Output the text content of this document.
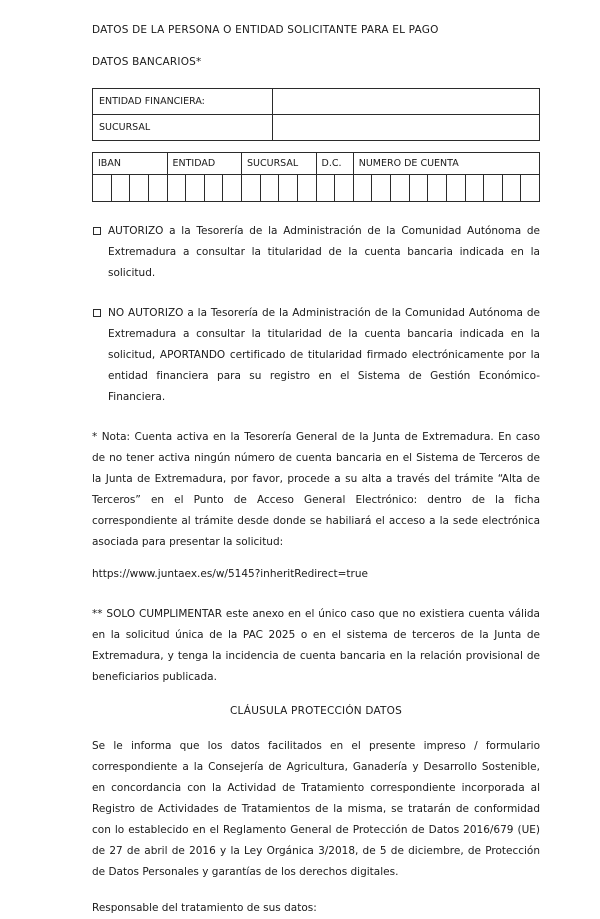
DATOS DE LA PERSONA O ENTIDAD SOLICITANTE PARA EL PAGO
DATOS BANCARIOS*
ENTIDAD FINANCIERA:	
SUCURSAL	
IBAN				ENTIDAD				SUCURSAL				D.C.		NUMERO DE CUENTA									

AUTORIZO a la Tesorería de la Administración de la Comunidad Autónoma de Extremadura a consultar la titularidad de la cuenta bancaria indicada en la solicitud.
NO AUTORIZO a la Tesorería de la Administración de la Comunidad Autónoma de Extremadura a consultar la titularidad de la cuenta bancaria indicada en la solicitud, APORTANDO certificado de titularidad firmado electrónicamente por la entidad financiera para su registro en el Sistema de Gestión Económico- Financiera.

* Nota: Cuenta activa en la Tesorería General de la Junta de Extremadura. En caso de no tener activa ningún número de cuenta bancaria en el Sistema de Terceros de la Junta de Extremadura, por favor, procede a su alta a través del trámite “Alta de Terceros” en el Punto de Acceso General Electrónico: dentro de la ficha correspondiente al trámite desde donde se habiliará el acceso a la sede electrónica asociada para presentar la solicitud:

https://www.juntaex.es/w/5145?inheritRedirect=true

** SOLO CUMPLIMENTAR este anexo en el único caso que no existiera cuenta válida en la solicitud única de la PAC 2025 o en el sistema de terceros de la Junta de Extremadura, y tenga la incidencia de cuenta bancaria en la relación provisional de beneficiarios publicada.

CLÁUSULA PROTECCIÓN DATOS

Se le informa que los datos facilitados en el presente impreso / formulario correspondiente a la Consejería de Agricultura, Ganadería y Desarrollo Sostenible, en concordancia con la Actividad de Tratamiento correspondiente incorporada al Registro de Actividades de Tratamientos de la misma, se tratarán de conformidad con lo establecido en el Reglamento General de Protección de Datos 2016/679 (UE) de 27 de abril de 2016 y la Ley Orgánica 3/2018, de 5 de diciembre, de Protección de Datos Personales y garantías de los derechos digitales.

Responsable del tratamiento de sus datos:
